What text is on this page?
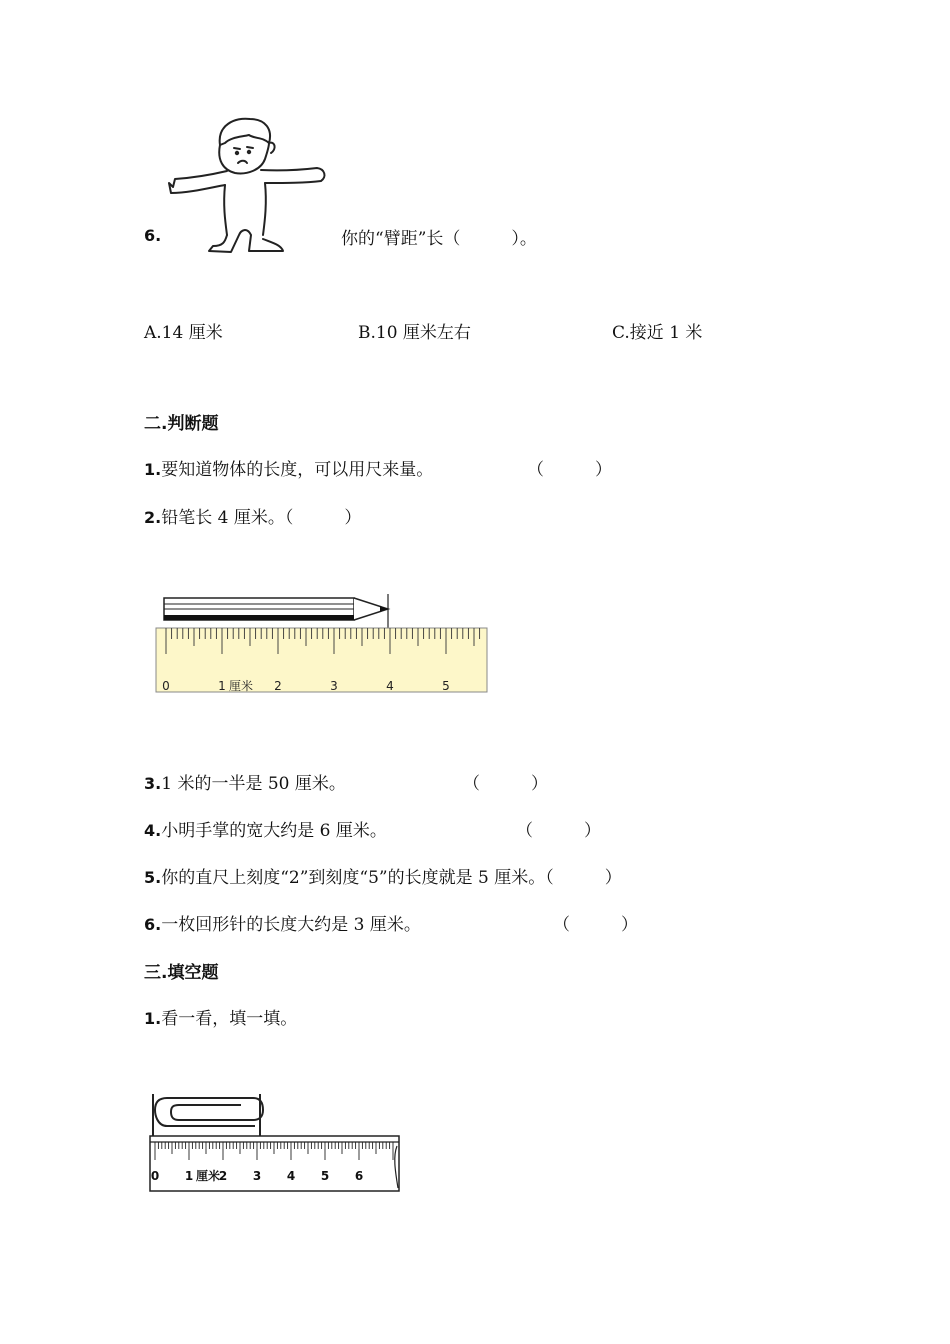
6.	你的“臂距”长（　　　）。
A.14 厘米	B.10 厘米左右	C.接近 1 米
二.判断题
1.要知道物体的长度，可以用尺来量。	（　　　）
2.铅笔长 4 厘米。（　　　）
0	1 厘米 2	3	4	5
3.1 米的一半是 50 厘米。	（　　　）
4.小明手掌的宽大约是 6 厘米。	（　　　）
5.你的直尺上刻度“2”到刻度“5”的长度就是 5 厘米。（　　　）
6.一枚回形针的长度大约是 3 厘米。	（　　　）
三.填空题
1.看一看，填一填。
0 1 厘米
2 3 4 5 6
